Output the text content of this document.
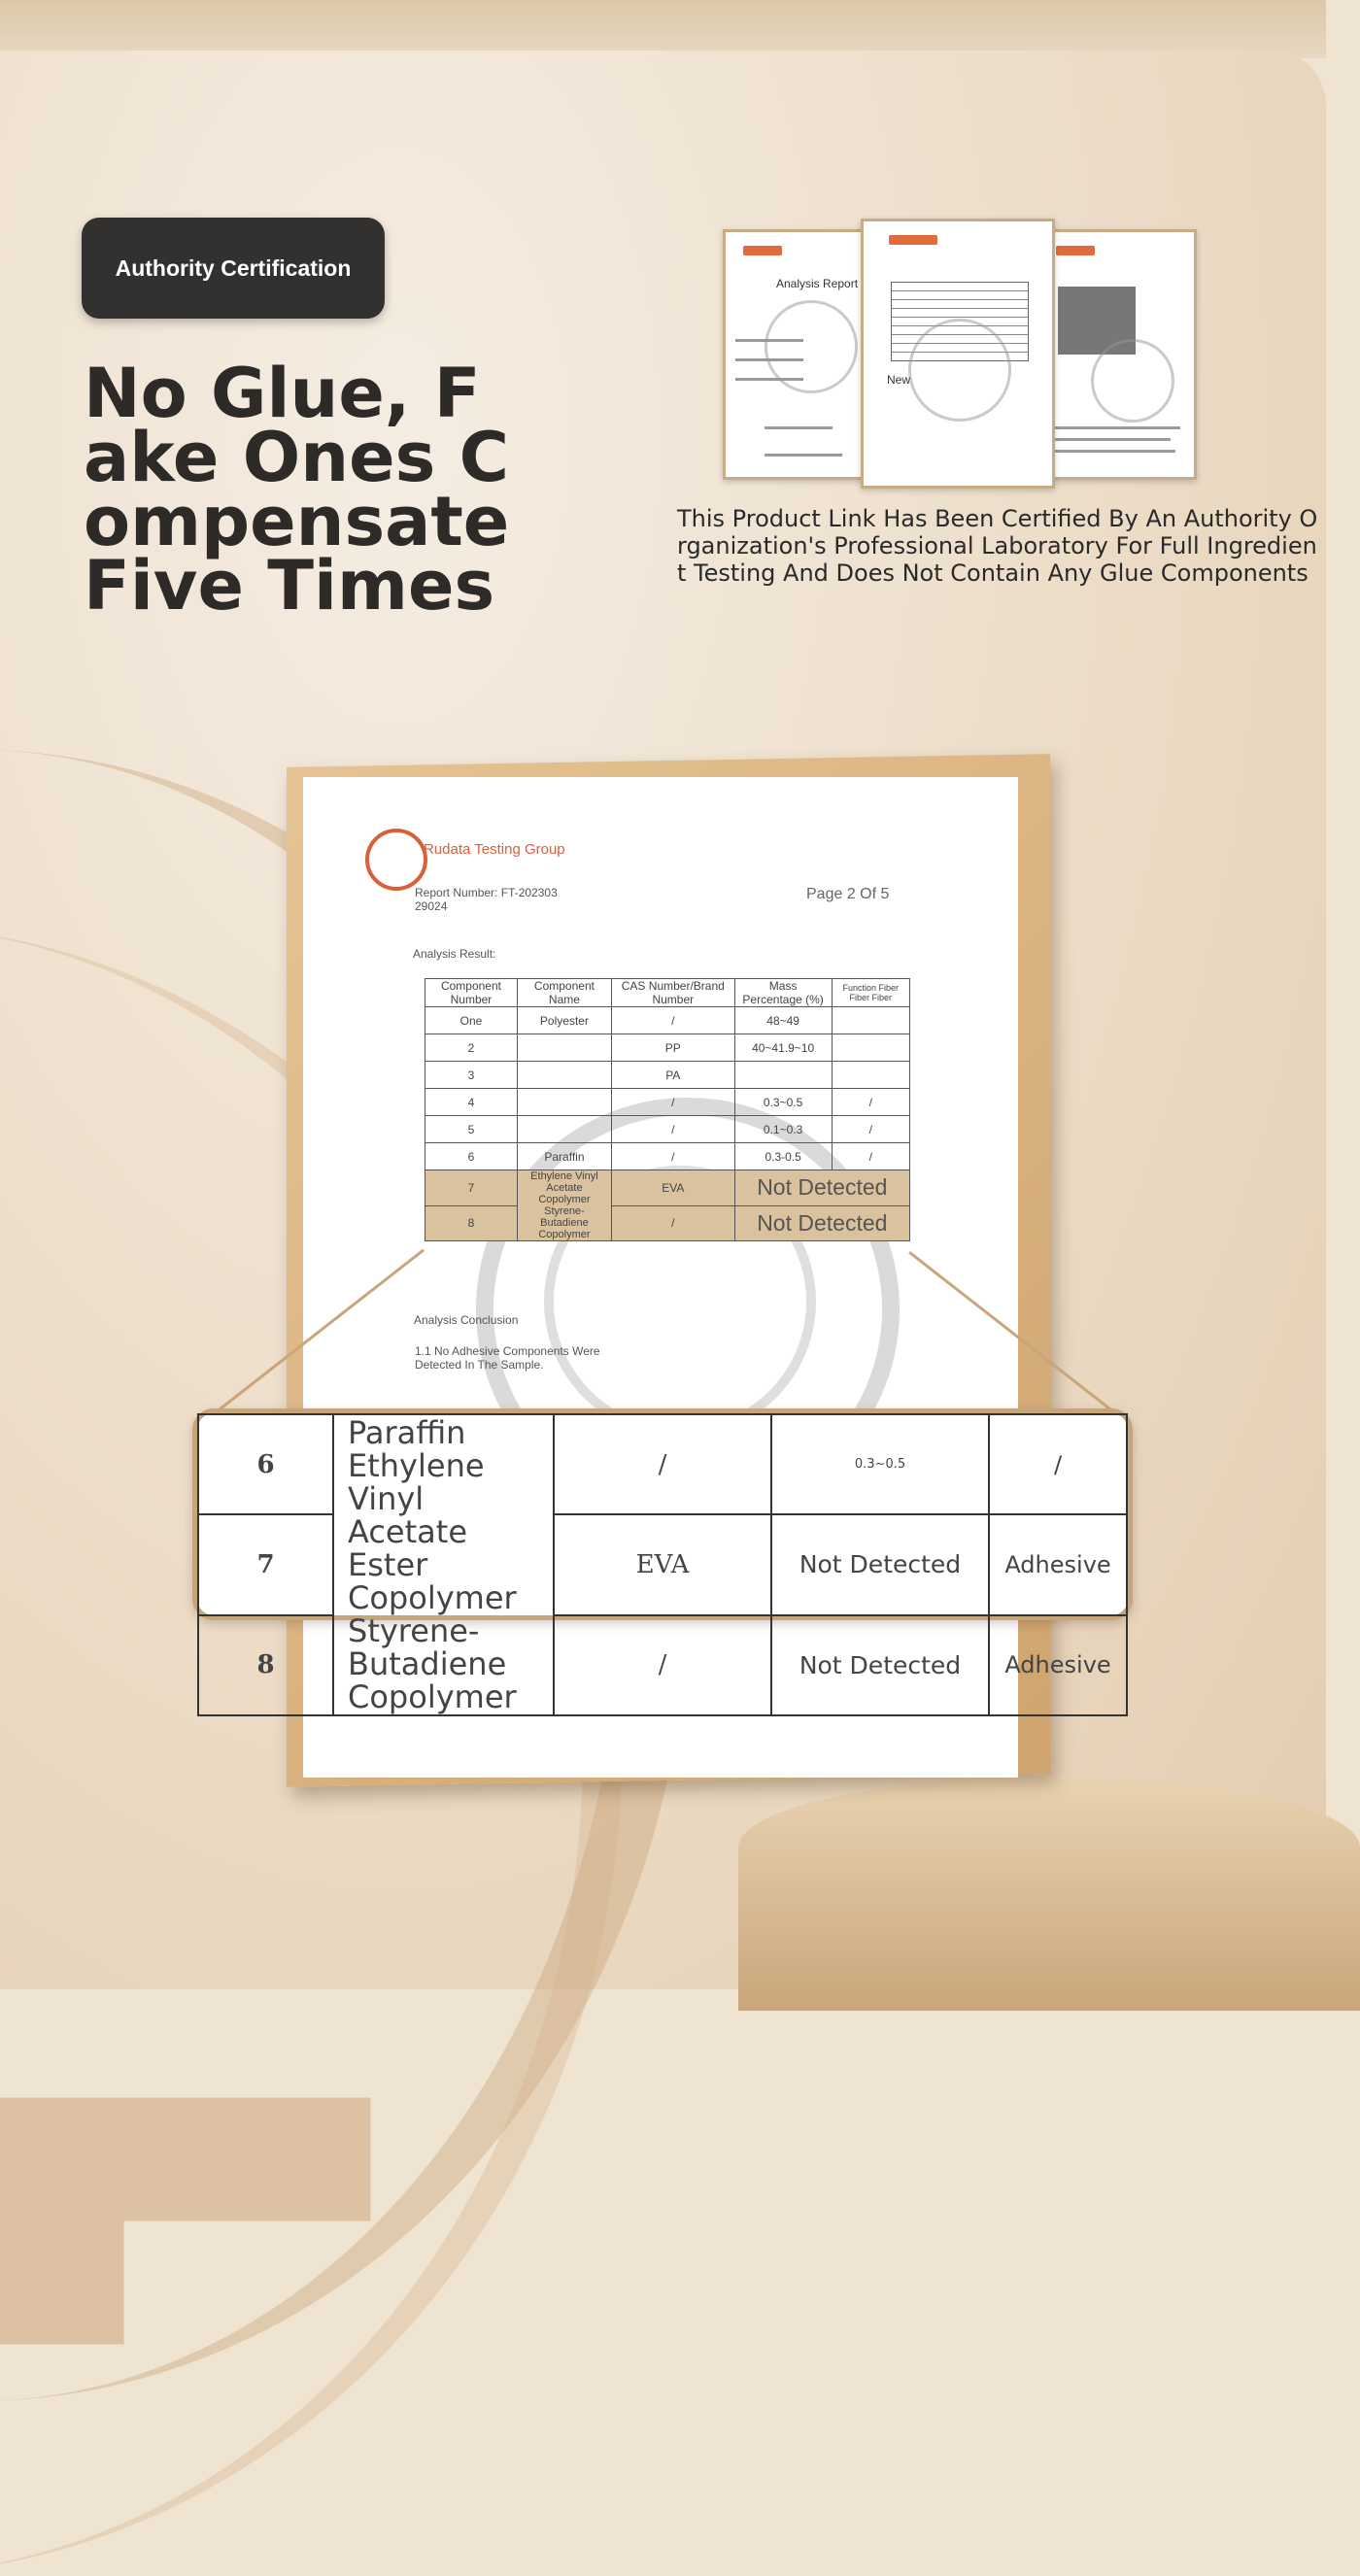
Authority Certification
No Glue, Fake Ones Compensate Five Times
This Product Link Has Been Certified By An Authority Organization's Professional Laboratory For Full Ingredient Testing And Does Not Contain Any Glue Components
Analysis Report
New
Rudata Testing Group
Report Number: FT-202303 29024
Page 2 Of 5
Analysis Result:
Component Number	Component Name	CAS Number/Brand Number	Mass Percentage (%)	Function Fiber Fiber Fiber
One	Polyester	/	48~49	
2		PP	40~41.9~10	
3		PA		
4		/	0.3~0.5	/
5		/	0.1~0.3	/
6	Paraffin	/	0.3-0.5	/
7	Ethylene Vinyl Acetate Copolymer Styrene-Butadiene Copolymer	EVA	Not Detected	
8		/	Not Detected	
Analysis Conclusion
1.1 No Adhesive Components Were Detected In The Sample.
6	Paraffin Ethylene Vinyl Acetate Ester Copolymer Styrene-Butadiene Copolymer	/	0.3~0.5	/
7		EVA	Not Detected	Adhesive
8		/	Not Detected	Adhesive
